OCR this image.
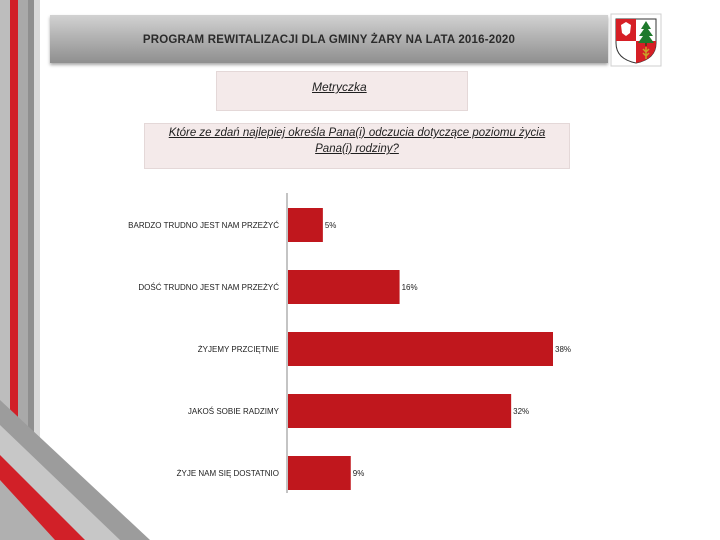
PROGRAM REWITALIZACJI DLA GMINY ŻARY NA LATA 2016-2020
Metryczka
Które ze zdań najlepiej określa Pana(i) odczucia dotyczące poziomu życia Pana(i) rodziny?
BARDZO TRUDNO JEST NAM PRZEŻYĆ	5%
DOŚĆ TRUDNO JEST NAM PRZEŻYĆ	16%
ŻYJEMY PRZCIĘTNIE	38%
JAKOŚ SOBIE RADZIMY	32%
ŻYJE NAM SIĘ DOSTATNIO	9%
